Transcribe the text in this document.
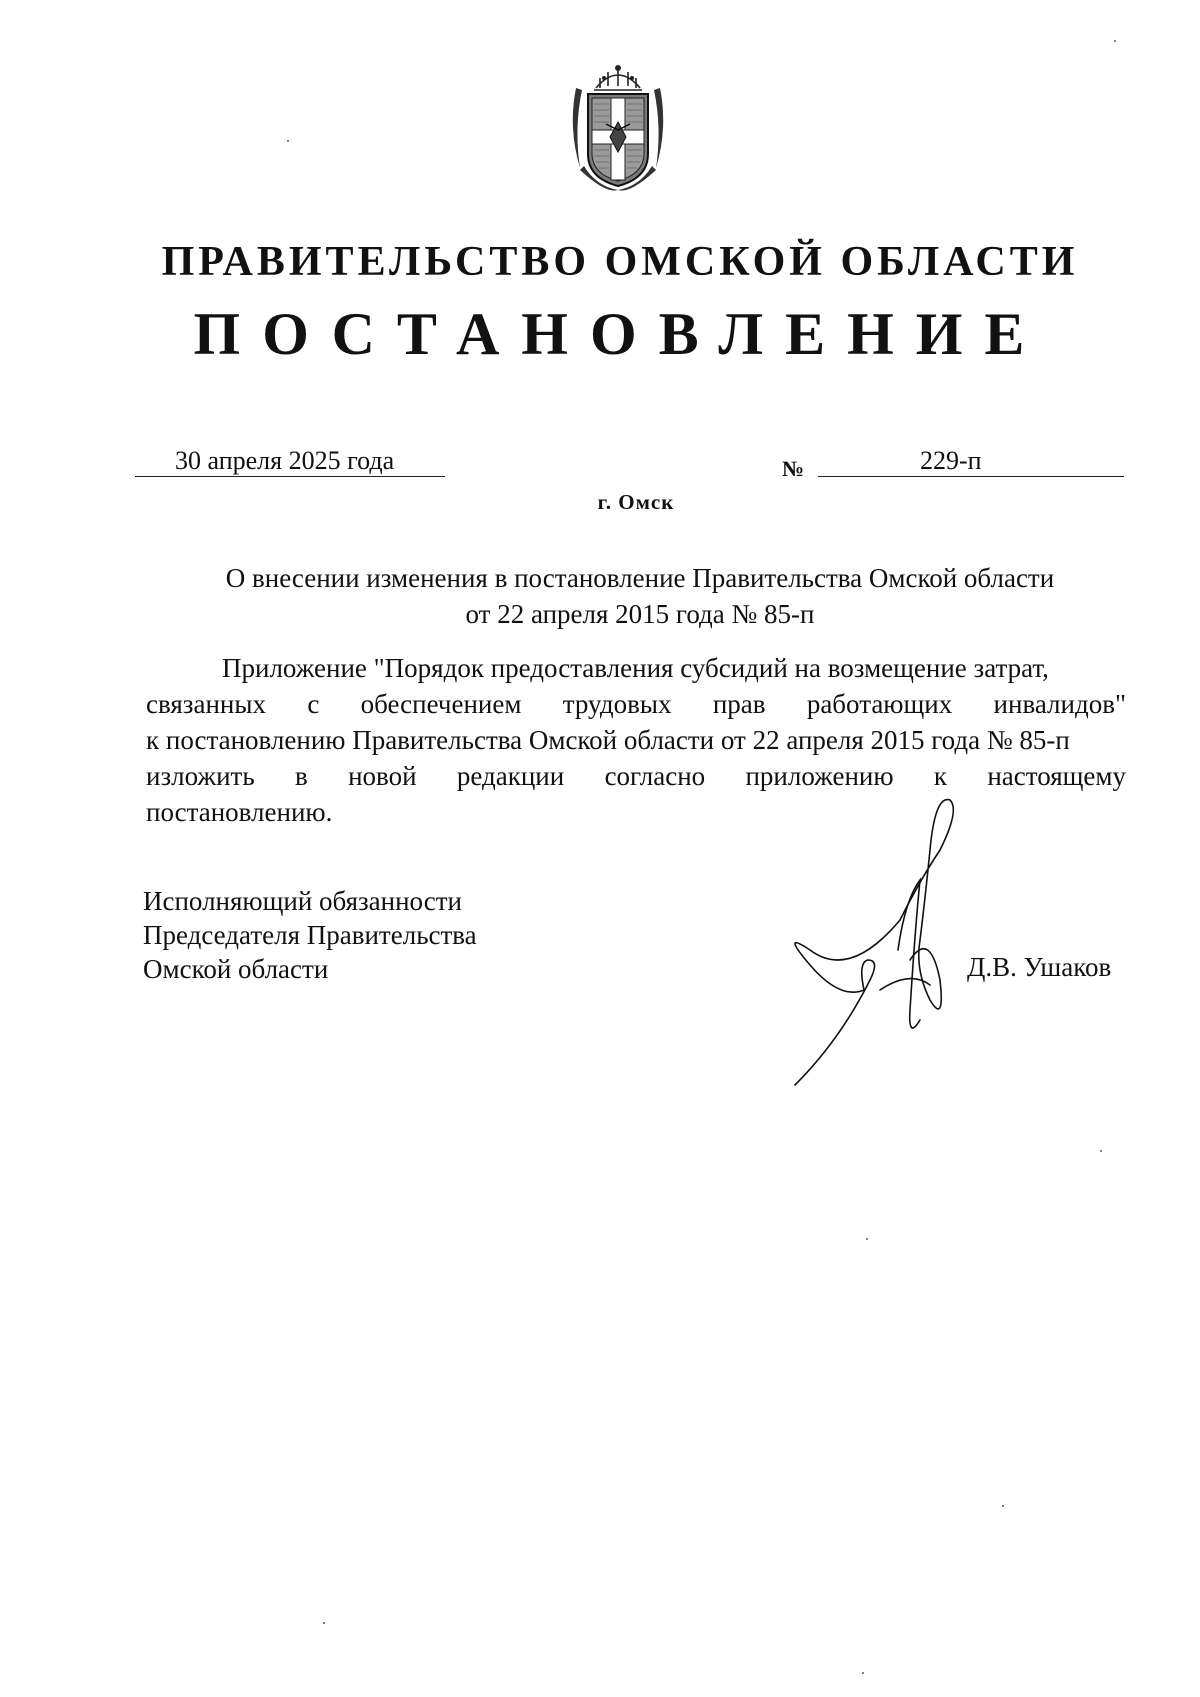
ПРАВИТЕЛЬСТВО ОМСКОЙ ОБЛАСТИ
ПОСТАНОВЛЕНИЕ
30 апреля 2025 года	№	229-п
г. Омск
О внесении изменения в постановление Правительства Омской области
от 22 апреля 2015 года № 85-п
Приложение "Порядок предоставления субсидий на возмещение затрат,
связанных с обеспечением трудовых прав работающих инвалидов"
к постановлению Правительства Омской области от 22 апреля 2015 года № 85-п
изложить в новой редакции согласно приложению к настоящему
постановлению.
Исполняющий обязанности
Председателя Правительства
Омской области	Д.В. Ушаков
